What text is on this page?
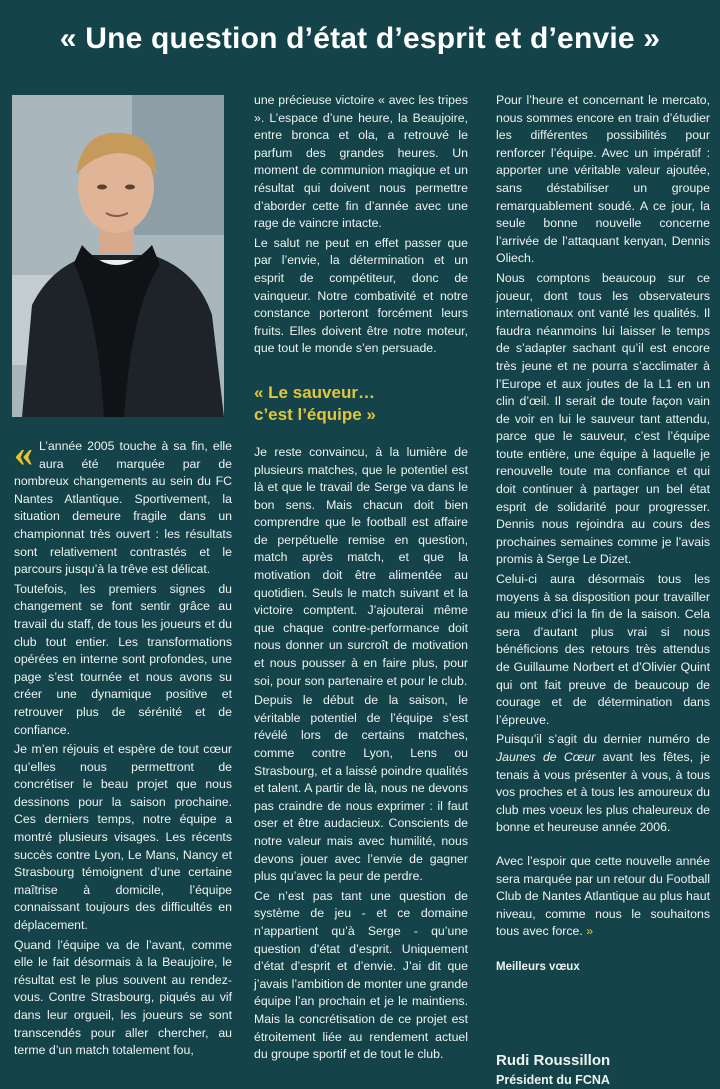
« Une question d’état d’esprit et d’envie »

« L’année 2005 touche à sa fin, elle aura été marquée par de nombreux changements au sein du FC Nantes Atlantique. Sportivement, la situation demeure fragile dans un championnat très ouvert : les résultats sont relativement contrastés et le parcours jusqu’à la trêve est délicat.

Toutefois, les premiers signes du changement se font sentir grâce au travail du staff, de tous les joueurs et du club tout entier. Les transformations opérées en interne sont profondes, une page s’est tournée et nous avons su créer une dynamique positive et retrouver plus de sérénité et de confiance.

Je m’en réjouis et espère de tout cœur qu’elles nous permettront de concrétiser le beau projet que nous dessinons pour la saison prochaine. Ces derniers temps, notre équipe a montré plusieurs visages. Les récents succès contre Lyon, Le Mans, Nancy et Strasbourg témoignent d’une certaine maîtrise à domicile, l’équipe connaissant toujours des difficultés en déplacement.

Quand l’équipe va de l’avant, comme elle le fait désormais à la Beaujoire, le résultat est le plus souvent au rendez-vous. Contre Strasbourg, piqués au vif dans leur orgueil, les joueurs se sont transcendés pour aller chercher, au terme d’un match totalement fou,

une précieuse victoire « avec les tripes ». L’espace d’une heure, la Beaujoire, entre bronca et ola, a retrouvé le parfum des grandes heures. Un moment de communion magique et un résultat qui doivent nous permettre d’aborder cette fin d’année avec une rage de vaincre intacte.

Le salut ne peut en effet passer que par l’envie, la détermination et un esprit de compétiteur, donc de vainqueur. Notre combativité et notre constance porteront forcément leurs fruits. Elles doivent être notre moteur, que tout le monde s’en persuade.

« Le sauveur…
c’est l’équipe »

Je reste convaincu, à la lumière de plusieurs matches, que le potentiel est là et que le travail de Serge va dans le bon sens. Mais chacun doit bien comprendre que le football est affaire de perpétuelle remise en question, match après match, et que la motivation doit être alimentée au quotidien. Seuls le match suivant et la victoire comptent. J’ajouterai même que chaque contre-performance doit nous donner un surcroît de motivation et nous pousser à en faire plus, pour soi, pour son partenaire et pour le club.

Depuis le début de la saison, le véritable potentiel de l’équipe s’est révélé lors de certains matches, comme contre Lyon, Lens ou Strasbourg, et a laissé poindre qualités et talent. A partir de là, nous ne devons pas craindre de nous exprimer : il faut oser et être audacieux. Conscients de notre valeur mais avec humilité, nous devons jouer avec l’envie de gagner plus qu’avec la peur de perdre.

Ce n’est pas tant une question de système de jeu - et ce domaine n’appartient qu’à Serge - qu’une question d’état d’esprit. Uniquement d’état d’esprit et d’envie. J’ai dit que j’avais l’ambition de monter une grande équipe l’an prochain et je le maintiens. Mais la concrétisation de ce projet est étroitement liée au rendement actuel du groupe sportif et de tout le club.

Pour l’heure et concernant le mercato, nous sommes encore en train d’étudier les différentes possibilités pour renforcer l’équipe. Avec un impératif : apporter une véritable valeur ajoutée, sans déstabiliser un groupe remarquablement soudé. A ce jour, la seule bonne nouvelle concerne l’arrivée de l’attaquant kenyan, Dennis Oliech.

Nous comptons beaucoup sur ce joueur, dont tous les observateurs internationaux ont vanté les qualités. Il faudra néanmoins lui laisser le temps de s’adapter sachant qu’il est encore très jeune et ne pourra s’acclimater à l’Europe et aux joutes de la L1 en un clin d’œil. Il serait de toute façon vain de voir en lui le sauveur tant attendu, parce que le sauveur, c’est l’équipe toute entière, une équipe à laquelle je renouvelle toute ma confiance et qui doit continuer à partager un bel état esprit de solidarité pour progresser. Dennis nous rejoindra au cours des prochaines semaines comme je l’avais promis à Serge Le Dizet.

Celui-ci aura désormais tous les moyens à sa disposition pour travailler au mieux d’ici la fin de la saison. Cela sera d’autant plus vrai si nous bénéficions des retours très attendus de Guillaume Norbert et d’Olivier Quint qui ont fait preuve de beaucoup de courage et de détermination dans l’épreuve.

Puisqu’il s’agit du dernier numéro de Jaunes de Cœur avant les fêtes, je tenais à vous présenter à vous, à tous vos proches et à tous les amoureux du club mes voeux les plus chaleureux de bonne et heureuse année 2006.

Avec l’espoir que cette nouvelle année sera marquée par un retour du Football Club de Nantes Atlantique au plus haut niveau, comme nous le souhaitons tous avec force. »

Meilleurs vœux

Rudi Roussillon
Président du FCNA
